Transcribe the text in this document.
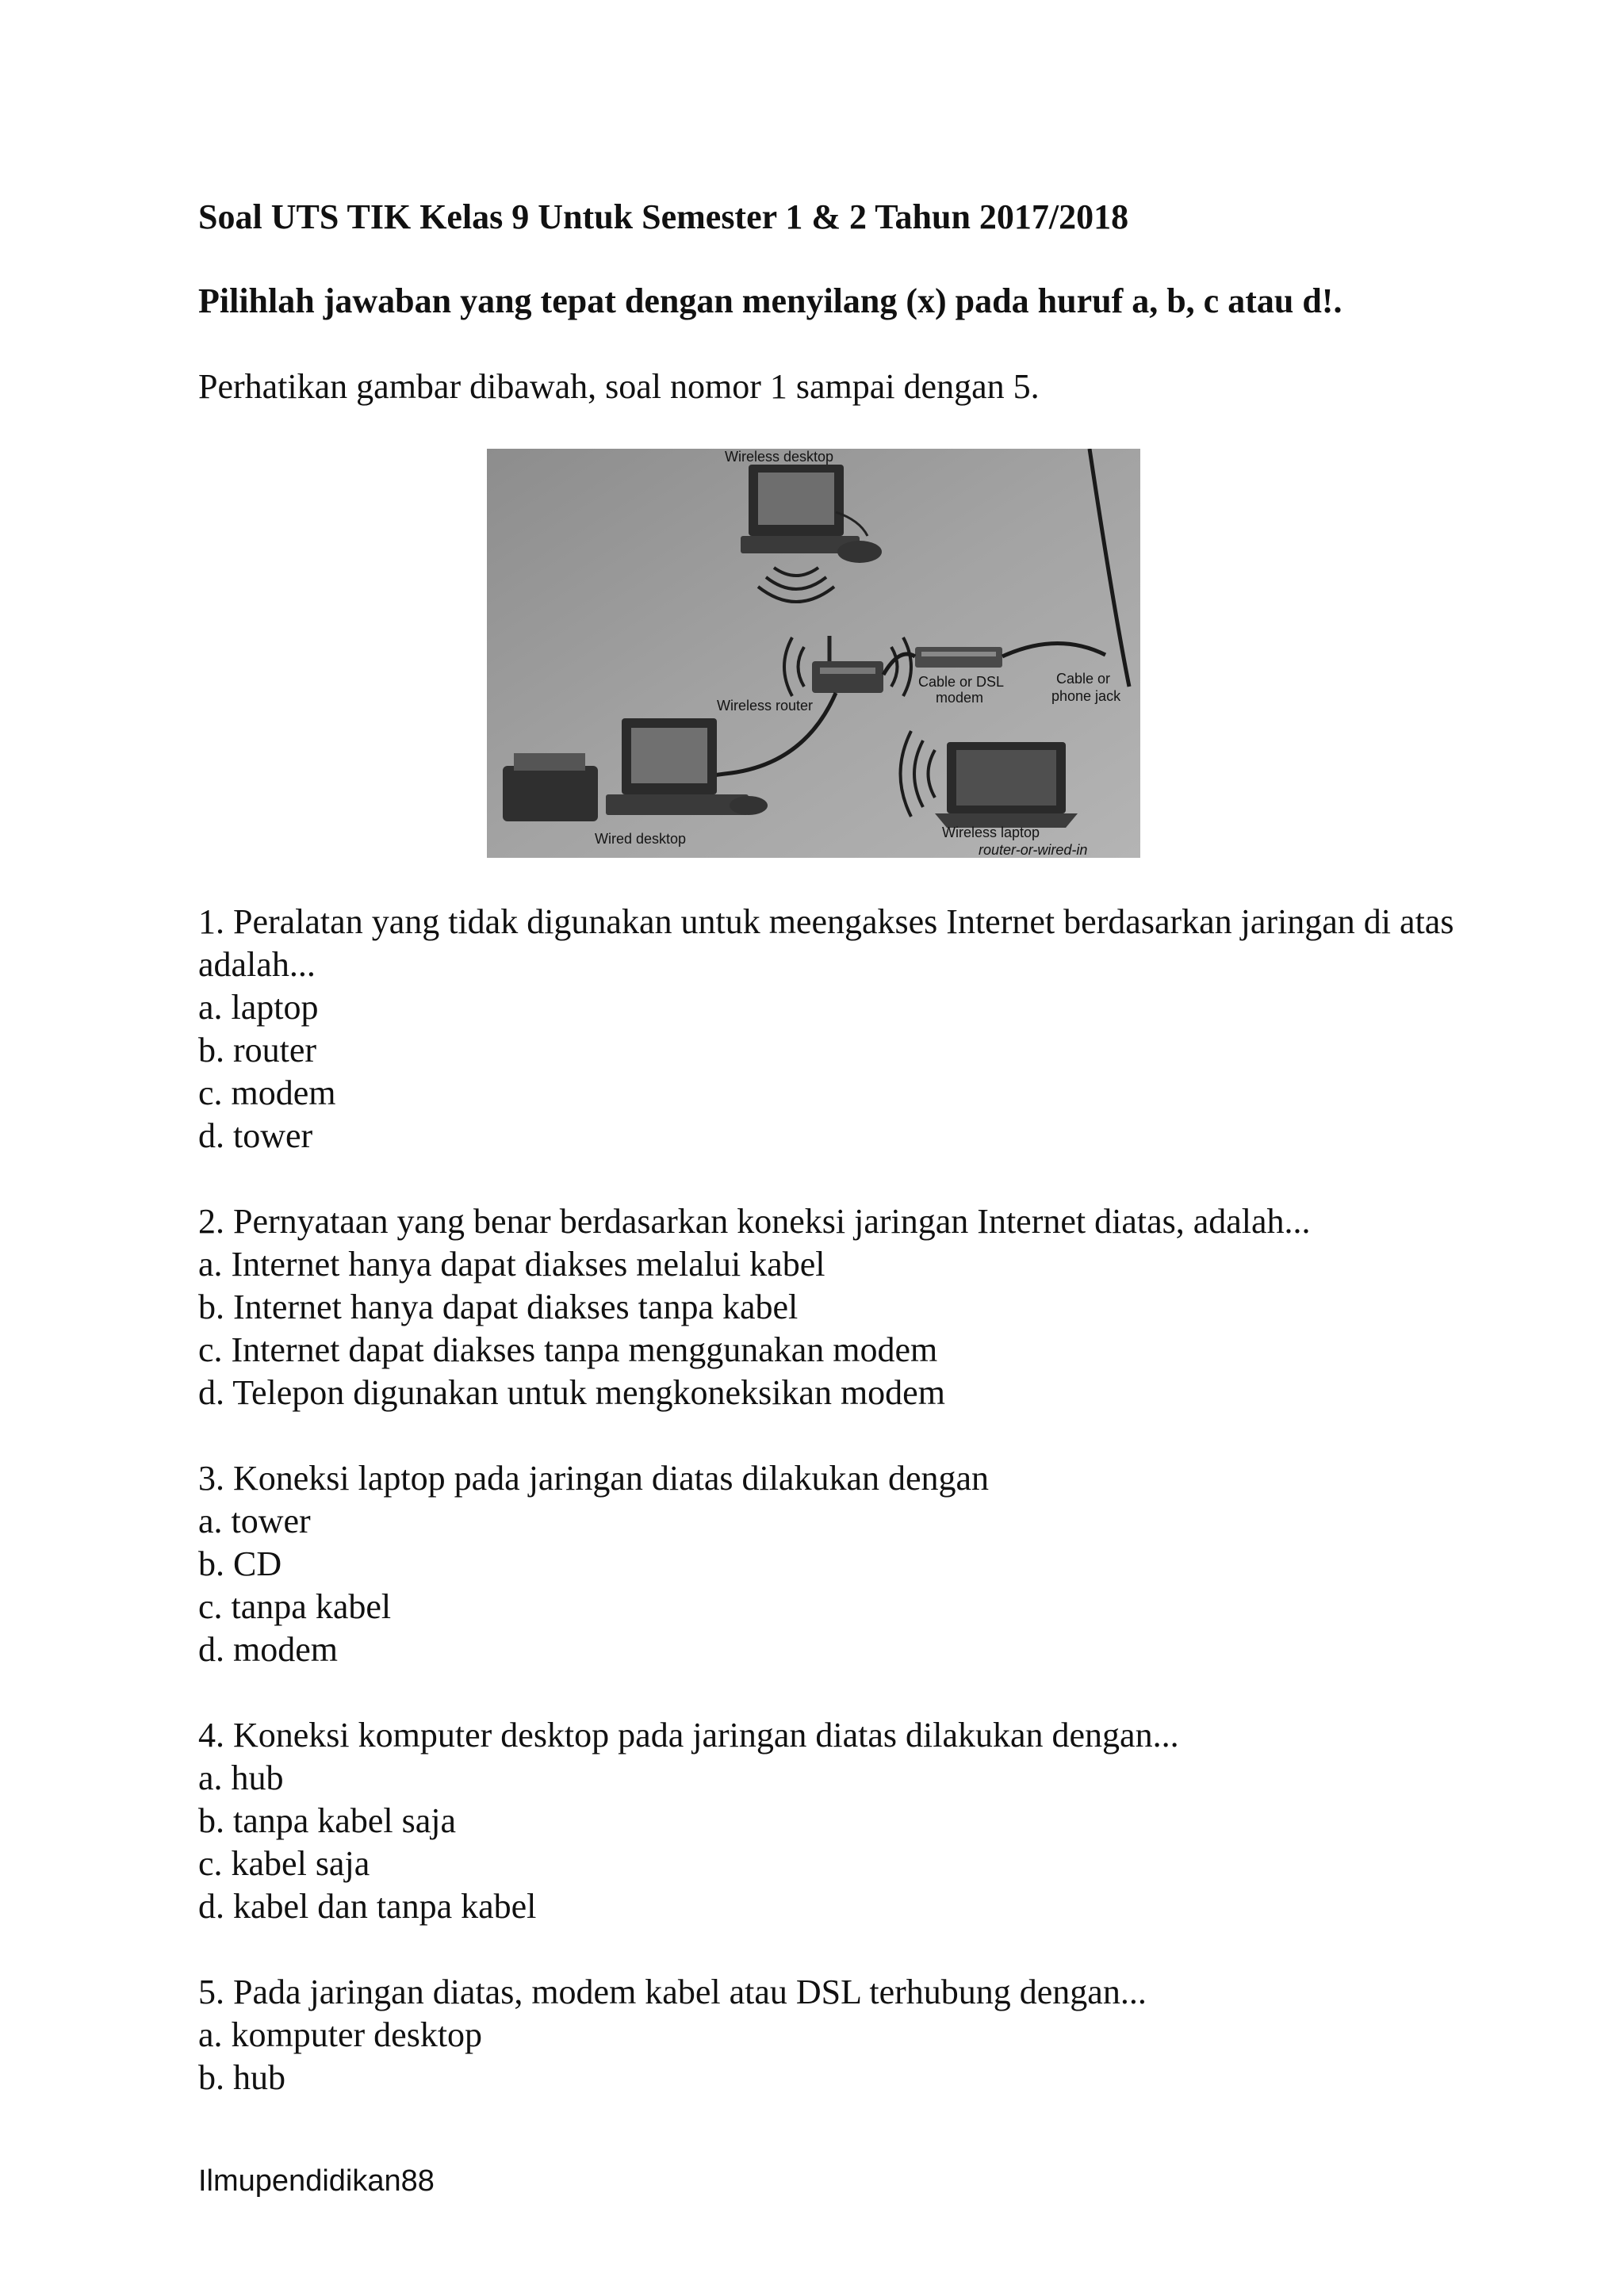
Soal UTS TIK Kelas 9 Untuk Semester 1 & 2 Tahun 2017/2018
Pilihlah jawaban yang tepat dengan menyilang (x) pada huruf a, b, c atau d!.
Perhatikan gambar dibawah, soal nomor 1 sampai dengan 5.
Wireless desktop
Wireless router
Cable or DSL
modem
Cable or
phone jack
Wired desktop	Wireless laptop
router-or-wired-in
1. Peralatan yang tidak digunakan untuk meengakses Internet berdasarkan jaringan di atas adalah...
a. laptop
b. router
c. modem
d. tower
2. Pernyataan yang benar berdasarkan koneksi jaringan Internet diatas, adalah...
a. Internet hanya dapat diakses melalui kabel
b. Internet hanya dapat diakses tanpa kabel
c. Internet dapat diakses tanpa menggunakan modem
d. Telepon digunakan untuk mengkoneksikan modem
3. Koneksi laptop pada jaringan diatas dilakukan dengan
a. tower
b. CD
c. tanpa kabel
d. modem
4. Koneksi komputer desktop pada jaringan diatas dilakukan dengan...
a. hub
b. tanpa kabel saja
c. kabel saja
d. kabel dan tanpa kabel
5. Pada jaringan diatas, modem kabel atau DSL terhubung dengan...
a. komputer desktop
b. hub
Ilmupendidikan88
